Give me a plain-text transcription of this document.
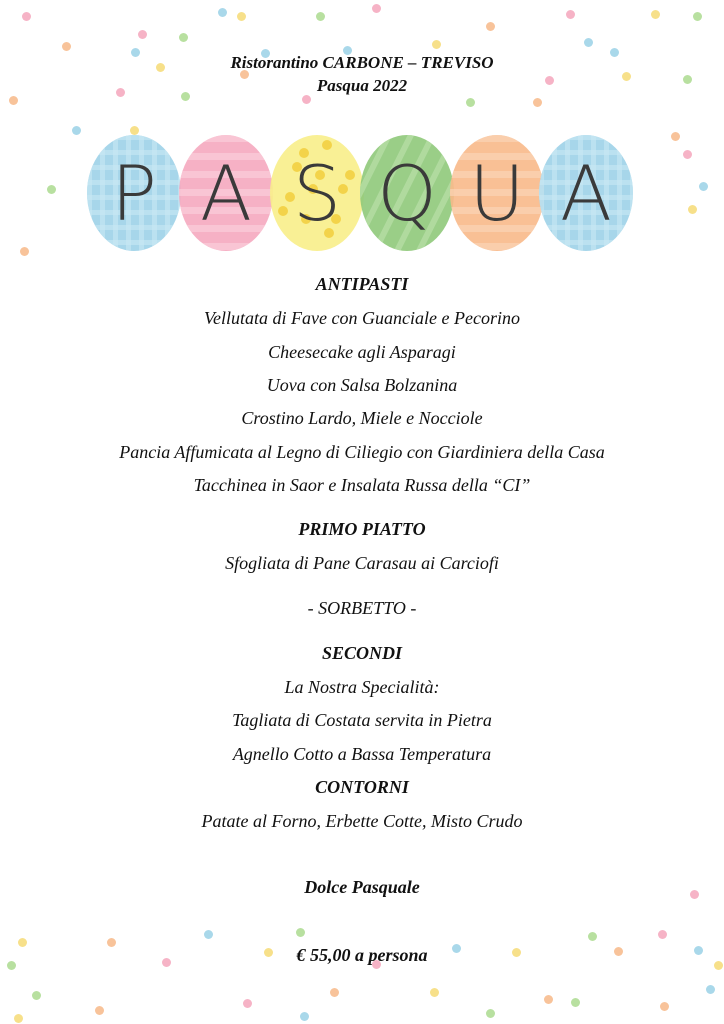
Ristorantino CARBONE – TREVISO
Pasqua 2022
P A S Q U A
ANTIPASTI
Vellutata di Fave con Guanciale e Pecorino
Cheesecake agli Asparagi
Uova con Salsa Bolzanina
Crostino Lardo, Miele e Nocciole
Pancia Affumicata al Legno di Ciliegio con Giardiniera della Casa
Tacchinea in Saor e Insalata Russa della “CI”
PRIMO PIATTO
Sfogliata di Pane Carasau ai Carciofi
- SORBETTO -
SECONDI
La Nostra Specialità:
Tagliata di Costata servita in Pietra
Agnello Cotto a Bassa Temperatura
CONTORNI
Patate al Forno, Erbette Cotte, Misto Crudo
Dolce Pasquale
€ 55,00 a persona
